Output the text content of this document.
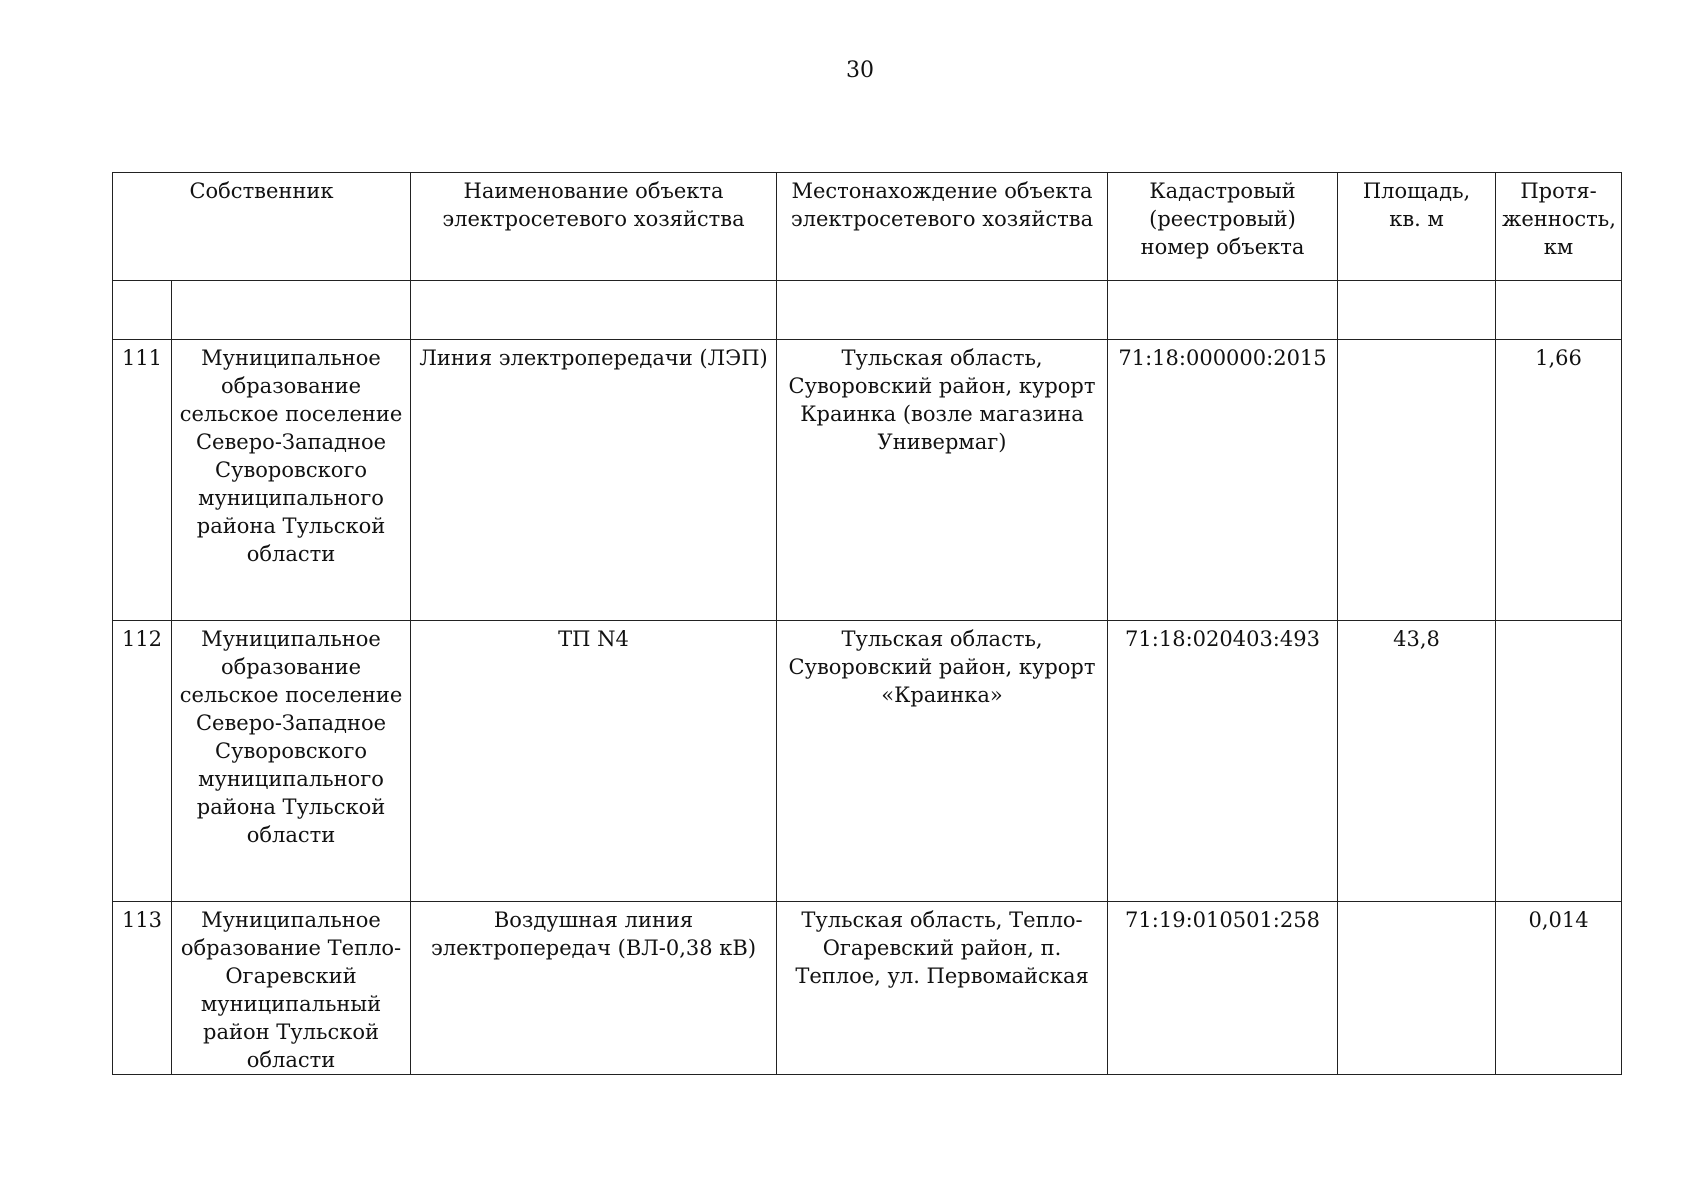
30
Собственник		Наименование объекта электросетевого хозяйства	Местонахождение объекта электросетевого хозяйства	Кадастровый (реестровый) номер объекта	Площадь, кв. м	Протя-женность, км

111	Муниципальное образование сельское поселение Северо-Западное Суворовского муниципального района Тульской области	Линия электропередачи (ЛЭП)	Тульская область, Суворовский район, курорт Краинка (возле магазина Универмаг)	71:18:000000:2015		1,66
112	Муниципальное образование сельское поселение Северо-Западное Суворовского муниципального района Тульской области	ТП N4	Тульская область, Суворовский район, курорт «Краинка»	71:18:020403:493	43,8	
113	Муниципальное образование Тепло-Огаревский муниципальный район Тульской области	Воздушная линия электропередач (ВЛ-0,38 кВ)	Тульская область, Тепло-Огаревский район, п. Теплое, ул. Первомайская	71:19:010501:258		0,014
